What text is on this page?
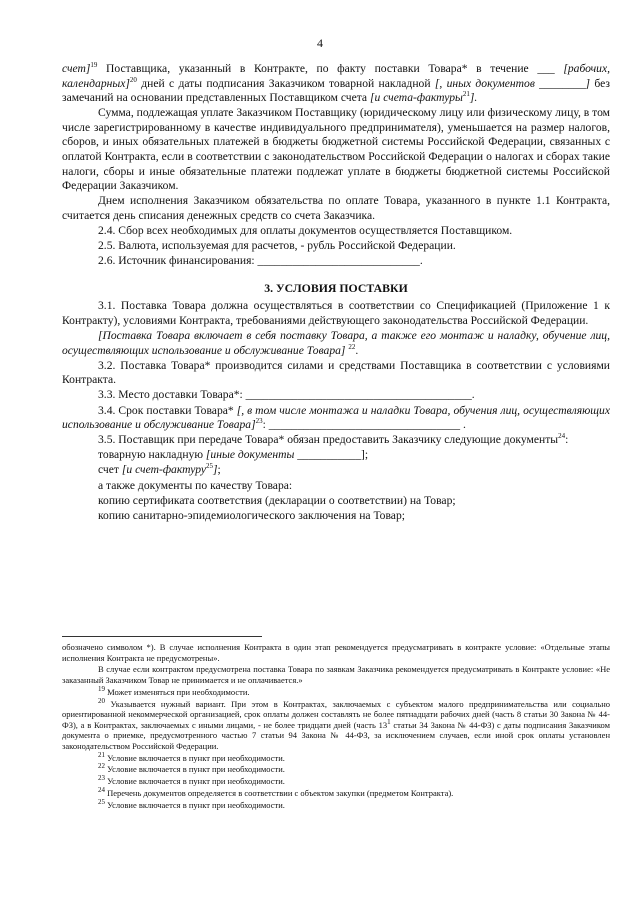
4

счет]$^{19}$ Поставщика, указанный в Контракте, по факту поставки Товара* в течение ___ [рабочих, календарных]$^{20}$ дней с даты подписания Заказчиком товарной накладной [, иных документов ________] без замечаний на основании представленных Поставщиком счета [и счета-фактуры$^{21}$].

Сумма, подлежащая уплате Заказчиком Поставщику (юридическому лицу или физическому лицу, в том числе зарегистрированному в качестве индивидуального предпринимателя), уменьшается на размер налогов, сборов, и иных обязательных платежей в бюджеты бюджетной системы Российской Федерации, связанных с оплатой Контракта, если в соответствии с законодательством Российской Федерации о налогах и сборах такие налоги, сборы и иные обязательные платежи подлежат уплате в бюджеты бюджетной системы Российской Федерации Заказчиком.

Днем исполнения Заказчиком обязательства по оплате Товара, указанного в пункте 1.1 Контракта, считается день списания денежных средств со счета Заказчика.

2.4. Сбор всех необходимых для оплаты документов осуществляется Поставщиком.

2.5. Валюта, используемая для расчетов, - рубль Российской Федерации.

2.6. Источник финансирования: ____________________________.

3. УСЛОВИЯ ПОСТАВКИ

3.1. Поставка Товара должна осуществляться в соответствии со Спецификацией (Приложение 1 к Контракту), условиями Контракта, требованиями действующего законодательства Российской Федерации.

[Поставка Товара включает в себя поставку Товара, а также его монтаж и наладку, обучение лиц, осуществляющих использование и обслуживание Товара] $^{22}$.

3.2. Поставка Товара* производится силами и средствами Поставщика в соответствии с условиями Контракта.

3.3. Место доставки Товара*: _______________________________________.

3.4. Срок поставки Товара* [, в том числе монтажа и наладки Товара, обучения лиц, осуществляющих использование и обслуживание Товара]$^{23}$: _________________________________ .

3.5. Поставщик при передаче Товара* обязан предоставить Заказчику следующие документы$^{24}$:

товарную накладную [иные документы ___________];

счет [и счет-фактуру$^{25}$];

а также документы по качеству Товара:

копию сертификата соответствия (декларации о соответствии) на Товар;

копию санитарно-эпидемиологического заключения на Товар;

обозначено символом *). В случае исполнения Контракта в один этап рекомендуется предусматривать в контракте условие: «Отдельные этапы исполнения Контракта не предусмотрены».

В случае если контрактом предусмотрена поставка Товара по заявкам Заказчика рекомендуется предусматривать в Контракте условие: «Не заказанный Заказчиком Товар не принимается и не оплачивается.»

$^{19}$ Может изменяться при необходимости.

$^{20}$ Указывается нужный вариант. При этом в Контрактах, заключаемых с субъектом малого предпринимательства или социально ориентированной некоммерческой организацией, срок оплаты должен составлять не более пятнадцати рабочих дней (часть 8 статьи 30 Закона № 44-ФЗ), а в Контрактах, заключаемых с иными лицами, - не более тридцати дней (часть $13^1$ статьи 34 Закона № 44-ФЗ) с даты подписания Заказчиком документа о приемке, предусмотренного частью 7 статьи 94 Закона № 44-ФЗ, за исключением случаев, если иной срок оплаты установлен законодательством Российской Федерации.

$^{21}$ Условие включается в пункт при необходимости.

$^{22}$ Условие включается в пункт при необходимости.

$^{23}$ Условие включается в пункт при необходимости.

$^{24}$ Перечень документов определяется в соответствии с объектом закупки (предметом Контракта).

$^{25}$ Условие включается в пункт при необходимости.
